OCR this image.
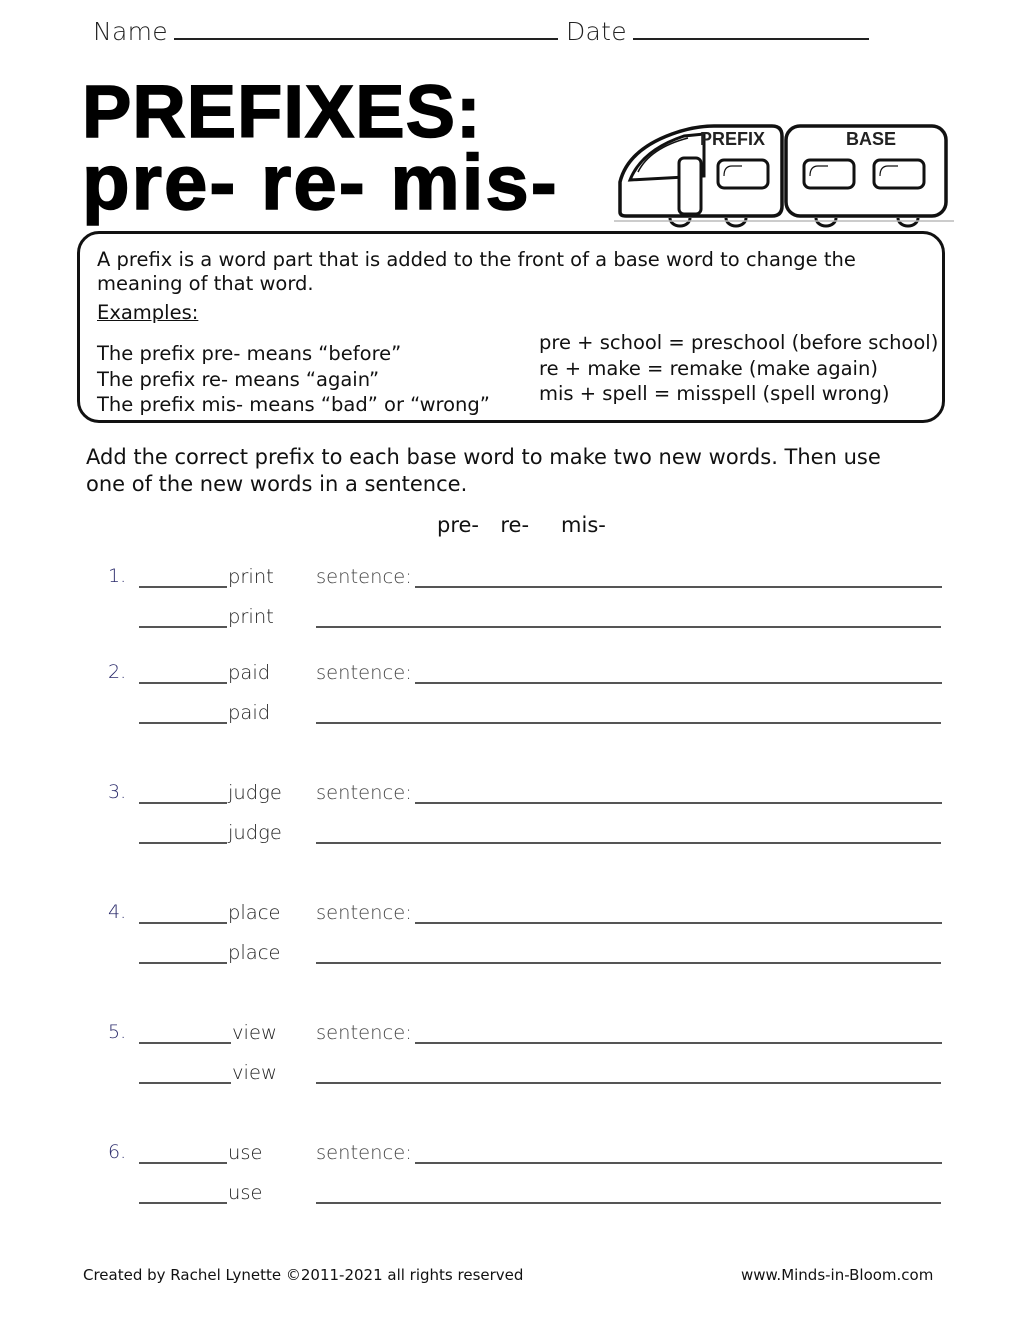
Name	Date
PREFIXES:
pre- re- mis-	PREFIX	BASE
A prefix is a word part that is added to the front of a base word to change the
meaning of that word.
Examples:
The prefix pre- means “before”
The prefix re- means “again”
The prefix mis- means “bad” or “wrong”
pre + school = preschool (before school)
re + make = remake (make again)
mis + spell = misspell (spell wrong)
Add the correct prefix to each base word to make two new words. Then use
one of the new words in a sentence.
pre-  re-   mis-
1.	print sentence:
print
2.	paid sentence:
paid
3.	judge sentence:
judge
4.	place sentence:
place
5.	view sentence:
view
6.	use	sentence:
use
Created by Rachel Lynette ©2011-2021 all rights reserved	www.Minds-in-Bloom.com
